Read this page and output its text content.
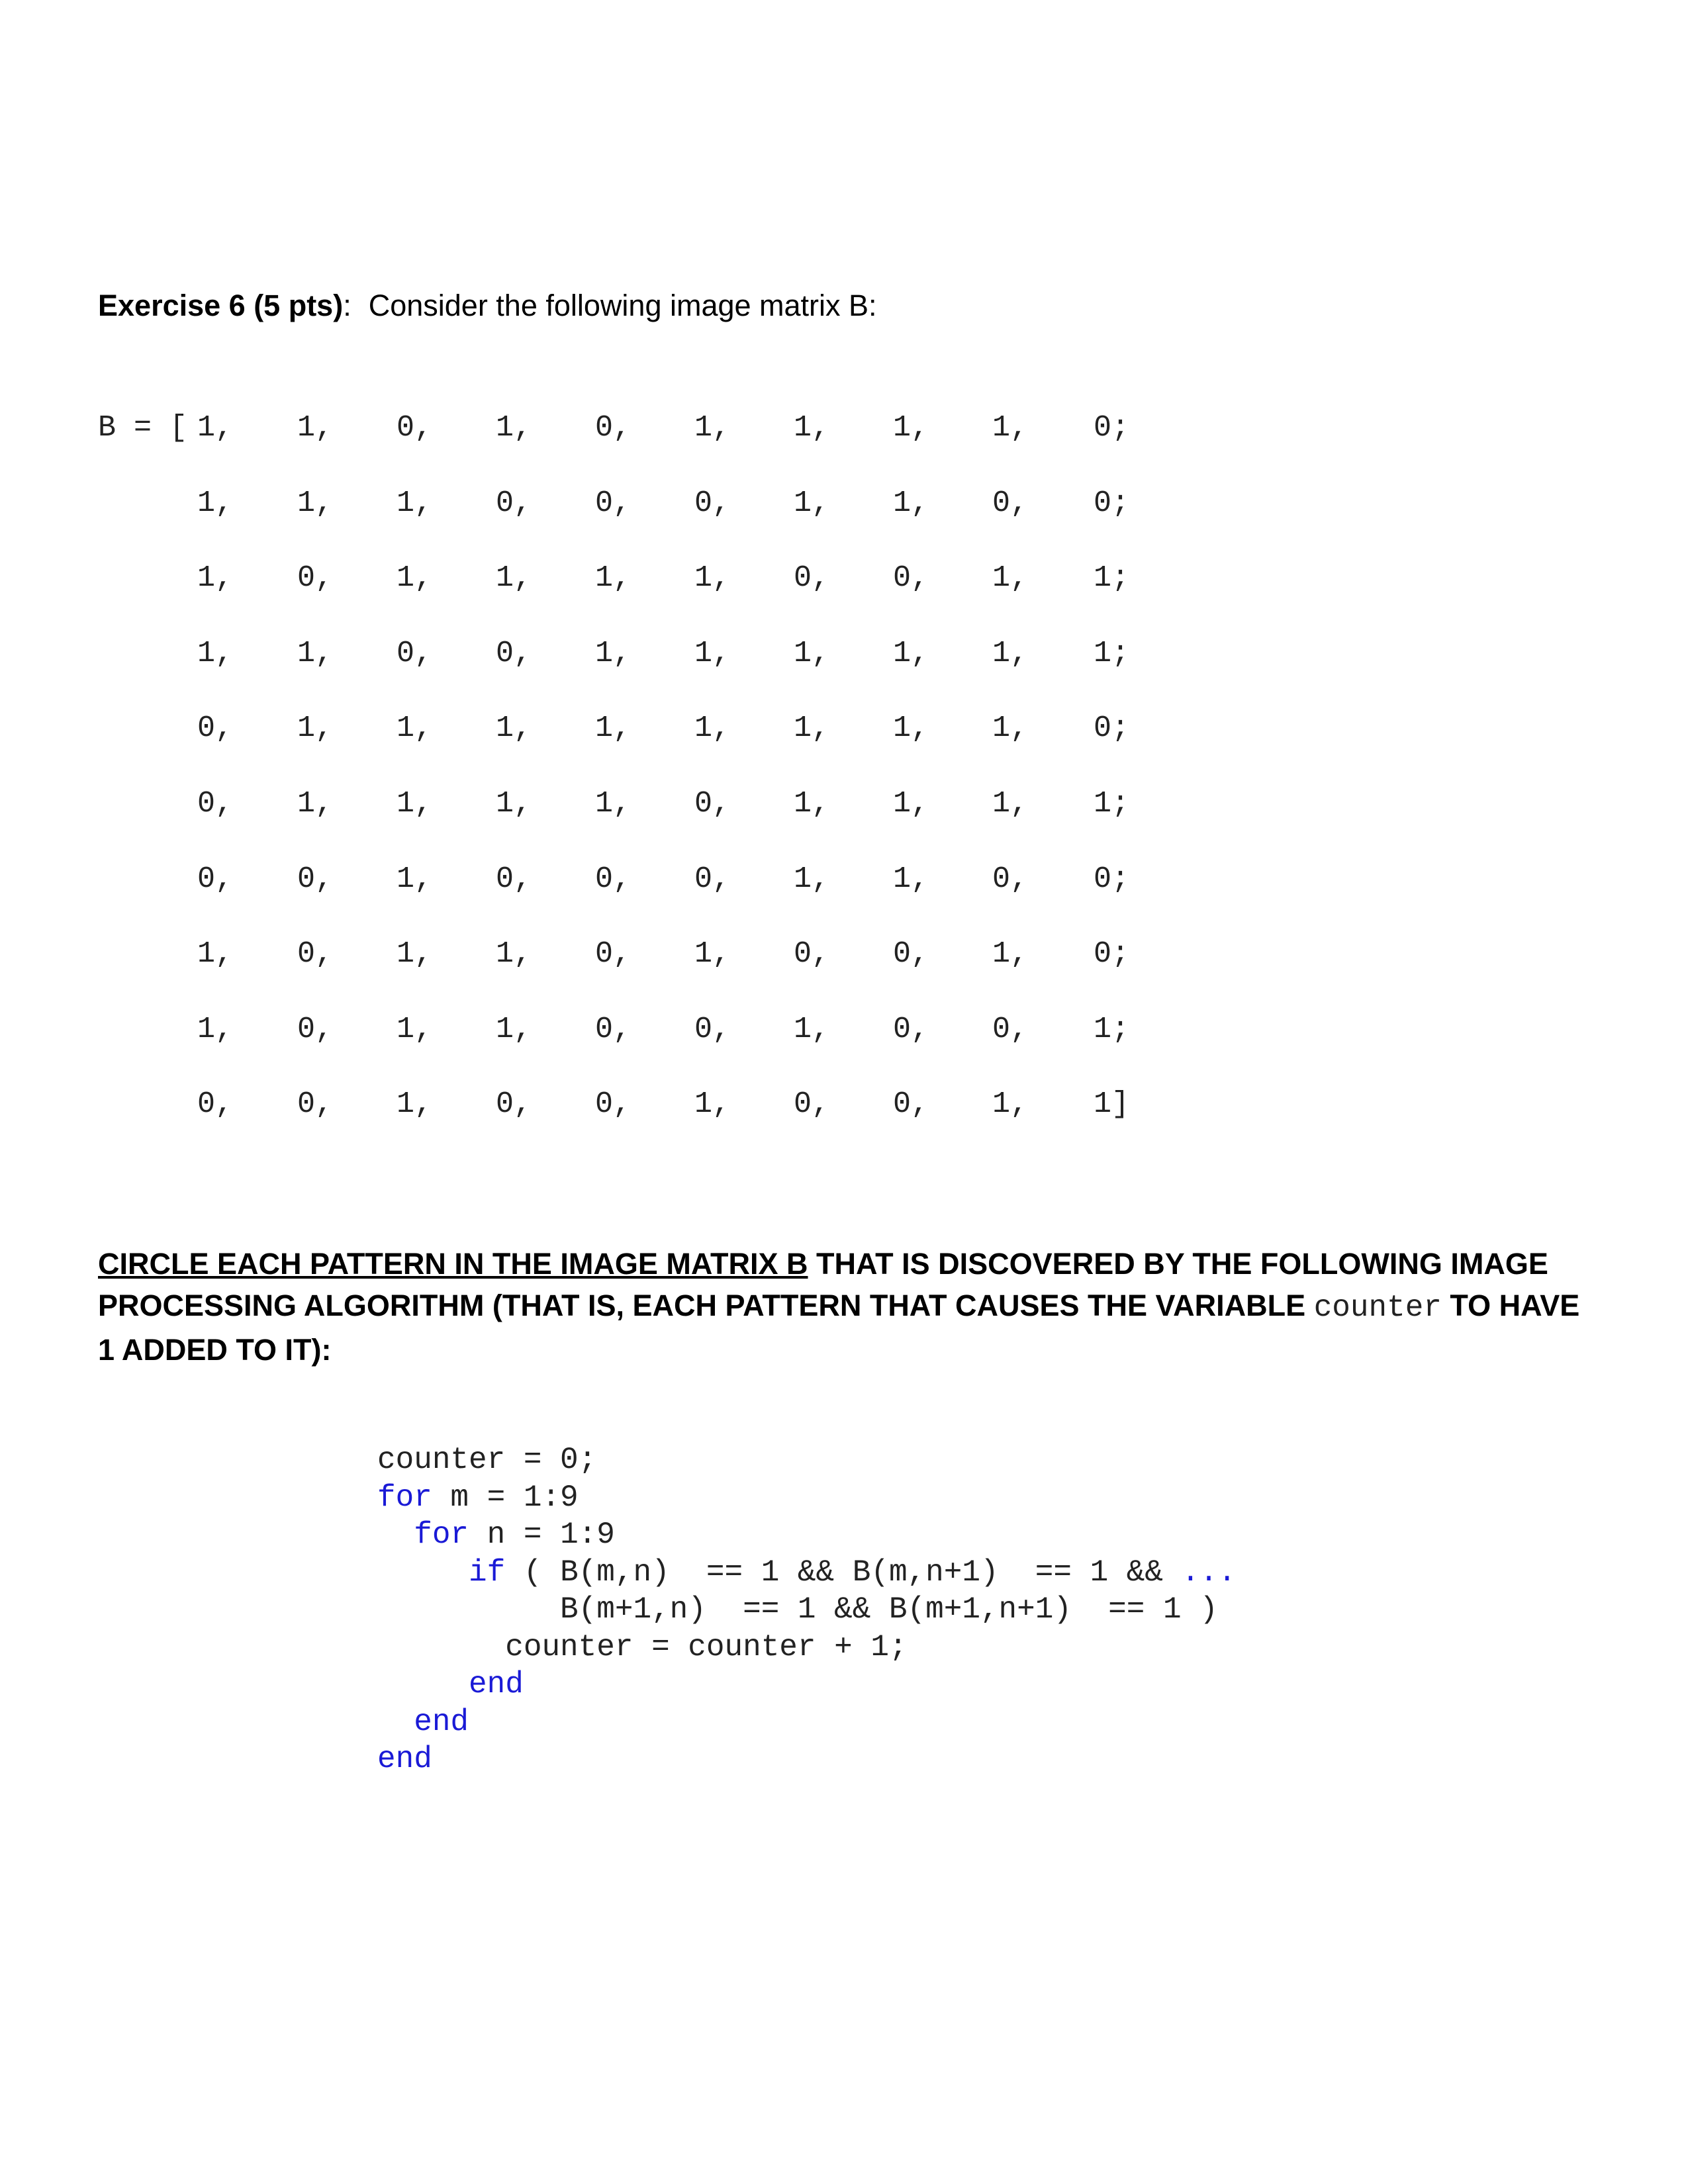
Exercise 6 (5 pts): Consider the following image matrix B:
B = [ 1, 1, 0, 1, 0, 1, 1, 1, 1, 0;
1, 1, 1, 0, 0, 0, 1, 1, 0, 0;
1, 0, 1, 1, 1, 1, 0, 0, 1, 1;
1, 1, 0, 0, 1, 1, 1, 1, 1, 1;
0, 1, 1, 1, 1, 1, 1, 1, 1, 0;
0, 1, 1, 1, 1, 0, 1, 1, 1, 1;
0, 0, 1, 0, 0, 0, 1, 1, 0, 0;
1, 0, 1, 1, 0, 1, 0, 0, 1, 0;
1, 0, 1, 1, 0, 0, 1, 0, 0, 1;
0, 0, 1, 0, 0, 1, 0, 0, 1, 1]
CIRCLE EACH PATTERN IN THE IMAGE MATRIX B THAT IS DISCOVERED BY THE FOLLOWING IMAGE PROCESSING ALGORITHM (THAT IS, EACH PATTERN THAT CAUSES THE VARIABLE counter TO HAVE 1 ADDED TO IT):
counter = 0;
for m = 1:9
for n = 1:9
if ( B(m,n)  == 1 && B(m,n+1)  == 1 && ...
B(m+1,n)  == 1 && B(m+1,n+1)  == 1 )
counter = counter + 1;
end
end
end
